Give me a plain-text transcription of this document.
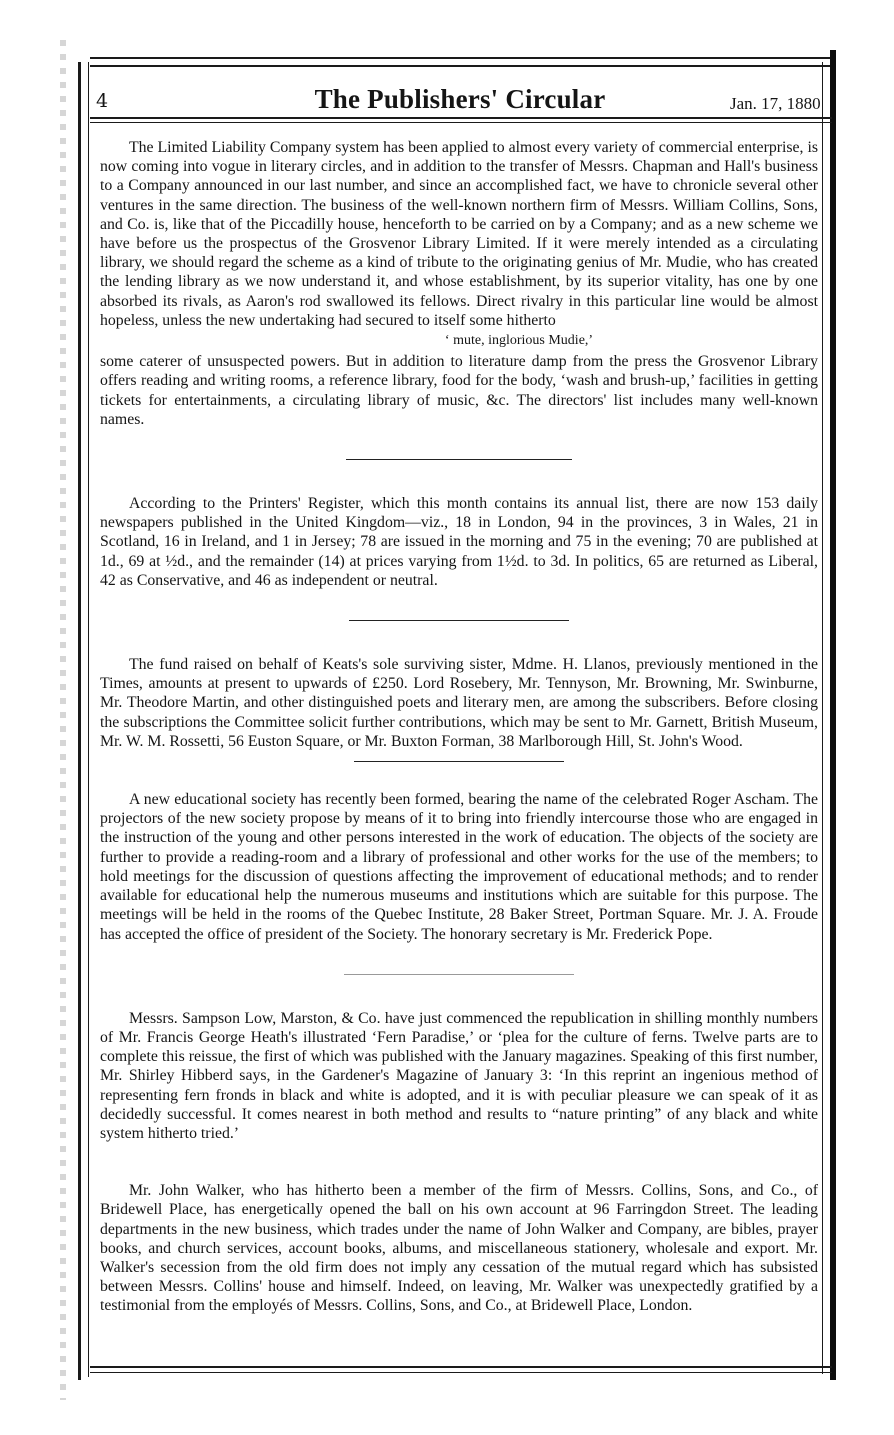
4	The Publishers' Circular	Jan. 17, 1880

The Limited Liability Company system has been applied to almost every variety of commercial enterprise, is now coming into vogue in literary circles, and in addition to the transfer of Messrs. Chapman and Hall's business to a Company announced in our last number, and since an accomplished fact, we have to chronicle several other ventures in the same direction. The business of the well-known northern firm of Messrs. William Collins, Sons, and Co. is, like that of the Piccadilly house, henceforth to be carried on by a Company; and as a new scheme we have before us the prospectus of the Grosvenor Library Limited. If it were merely intended as a circulating library, we should regard the scheme as a kind of tribute to the originating genius of Mr. Mudie, who has created the lending library as we now understand it, and whose establishment, by its superior vitality, has one by one absorbed its rivals, as Aaron's rod swallowed its fellows. Direct rivalry in this particular line would be almost hopeless, unless the new undertaking had secured to itself some hitherto

‘ mute, inglorious Mudie,’

some caterer of unsuspected powers. But in addition to literature damp from the press the Grosvenor Library offers reading and writing rooms, a reference library, food for the body, ‘wash and brush-up,’ facilities in getting tickets for entertainments, a circulating library of music, &c. The directors' list includes many well-known names.

According to the Printers' Register, which this month contains its annual list, there are now 153 daily newspapers published in the United Kingdom—viz., 18 in London, 94 in the provinces, 3 in Wales, 21 in Scotland, 16 in Ireland, and 1 in Jersey; 78 are issued in the morning and 75 in the evening; 70 are published at 1d., 69 at ½d., and the remainder (14) at prices varying from 1½d. to 3d. In politics, 65 are returned as Liberal, 42 as Conservative, and 46 as independent or neutral.

The fund raised on behalf of Keats's sole surviving sister, Mdme. H. Llanos, previously mentioned in the Times, amounts at present to upwards of £250. Lord Rosebery, Mr. Tennyson, Mr. Browning, Mr. Swinburne, Mr. Theodore Martin, and other distinguished poets and literary men, are among the subscribers. Before closing the subscriptions the Committee solicit further contributions, which may be sent to Mr. Garnett, British Museum, Mr. W. M. Rossetti, 56 Euston Square, or Mr. Buxton Forman, 38 Marlborough Hill, St. John's Wood.

A new educational society has recently been formed, bearing the name of the celebrated Roger Ascham. The projectors of the new society propose by means of it to bring into friendly intercourse those who are engaged in the instruction of the young and other persons interested in the work of education. The objects of the society are further to provide a reading-room and a library of professional and other works for the use of the members; to hold meetings for the discussion of questions affecting the improvement of educational methods; and to render available for educational help the numerous museums and institutions which are suitable for this purpose. The meetings will be held in the rooms of the Quebec Institute, 28 Baker Street, Portman Square. Mr. J. A. Froude has accepted the office of president of the Society. The honorary secretary is Mr. Frederick Pope.

Messrs. Sampson Low, Marston, & Co. have just commenced the republication in shilling monthly numbers of Mr. Francis George Heath's illustrated ‘Fern Paradise,’ or ‘plea for the culture of ferns. Twelve parts are to complete this reissue, the first of which was published with the January magazines. Speaking of this first number, Mr. Shirley Hibberd says, in the Gardener's Magazine of January 3: ‘In this reprint an ingenious method of representing fern fronds in black and white is adopted, and it is with peculiar pleasure we can speak of it as decidedly successful. It comes nearest in both method and results to “nature printing” of any black and white system hitherto tried.’

Mr. John Walker, who has hitherto been a member of the firm of Messrs. Collins, Sons, and Co., of Bridewell Place, has energetically opened the ball on his own account at 96 Farringdon Street. The leading departments in the new business, which trades under the name of John Walker and Company, are bibles, prayer books, and church services, account books, albums, and miscellaneous stationery, wholesale and export. Mr. Walker's secession from the old firm does not imply any cessation of the mutual regard which has subsisted between Messrs. Collins' house and himself. Indeed, on leaving, Mr. Walker was unexpectedly gratified by a testimonial from the employés of Messrs. Collins, Sons, and Co., at Bridewell Place, London.
